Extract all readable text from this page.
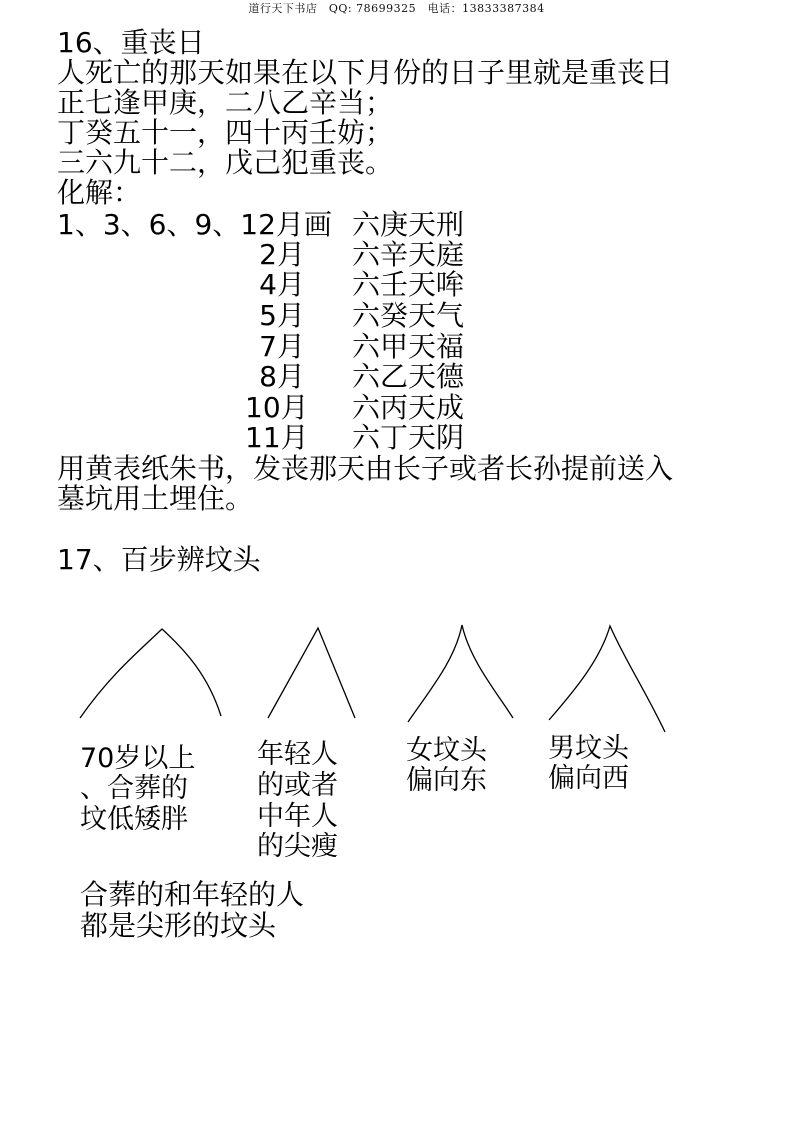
道行天下书店　QQ: 78699325　电话：13833387384
16、重丧日
人死亡的那天如果在以下月份的日子里就是重丧日
正七逢甲庚，二八乙辛当；
丁癸五十一，四十丙壬妨；
三六九十二，戊己犯重丧。
化解：
1、3、6、9、12月画 六庚天刑
2月 六辛天庭
4月 六壬天哞
5月 六癸天气
7月 六甲天福
8月 六乙天德
10月 六丙天成
11月 六丁天阴
用黄表纸朱书，发丧那天由长子或者长孙提前送入
墓坑用土埋住。
17、百步辨坟头
70岁以上
、合葬的
坟低矮胖
年轻人
的或者
中年人
的尖瘦
女坟头
偏向东
男坟头
偏向西
合葬的和年轻的人
都是尖形的坟头
